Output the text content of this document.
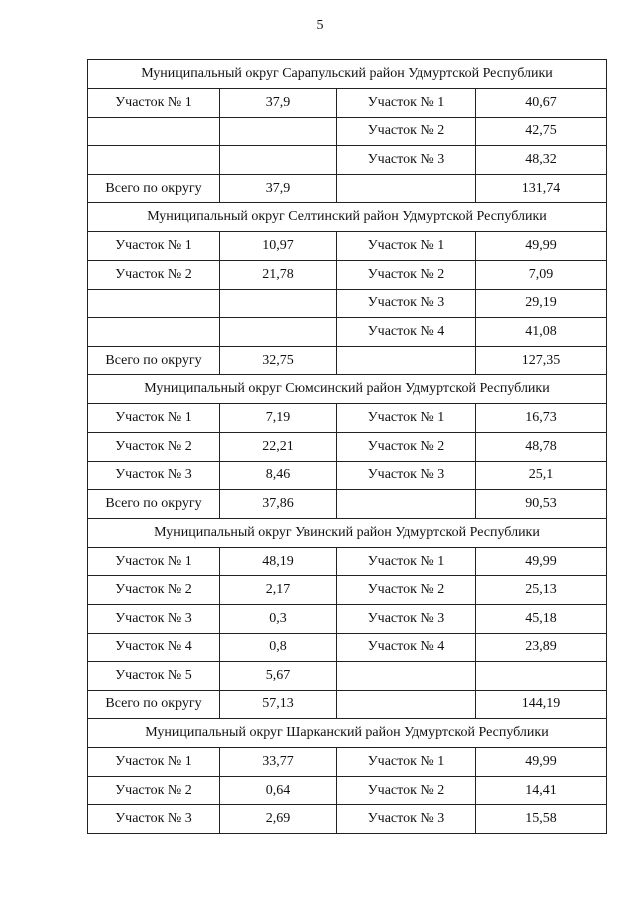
5
Муниципальный округ Сарапульский район Удмуртской Республики			
Участок № 1	37,9	Участок № 1	40,67
		Участок № 2	42,75
		Участок № 3	48,32
Всего по округу	37,9		131,74
Муниципальный округ Селтинский район Удмуртской Республики			
Участок № 1	10,97	Участок № 1	49,99
Участок № 2	21,78	Участок № 2	7,09
		Участок № 3	29,19
		Участок № 4	41,08
Всего по округу	32,75		127,35
Муниципальный округ Сюмсинский район Удмуртской Республики			
Участок № 1	7,19	Участок № 1	16,73
Участок № 2	22,21	Участок № 2	48,78
Участок № 3	8,46	Участок № 3	25,1
Всего по округу	37,86		90,53
Муниципальный округ Увинский район Удмуртской Республики			
Участок № 1	48,19	Участок № 1	49,99
Участок № 2	2,17	Участок № 2	25,13
Участок № 3	0,3	Участок № 3	45,18
Участок № 4	0,8	Участок № 4	23,89
Участок № 5	5,67		
Всего по округу	57,13		144,19
Муниципальный округ Шарканский район Удмуртской Республики			
Участок № 1	33,77	Участок № 1	49,99
Участок № 2	0,64	Участок № 2	14,41
Участок № 3	2,69	Участок № 3	15,58
